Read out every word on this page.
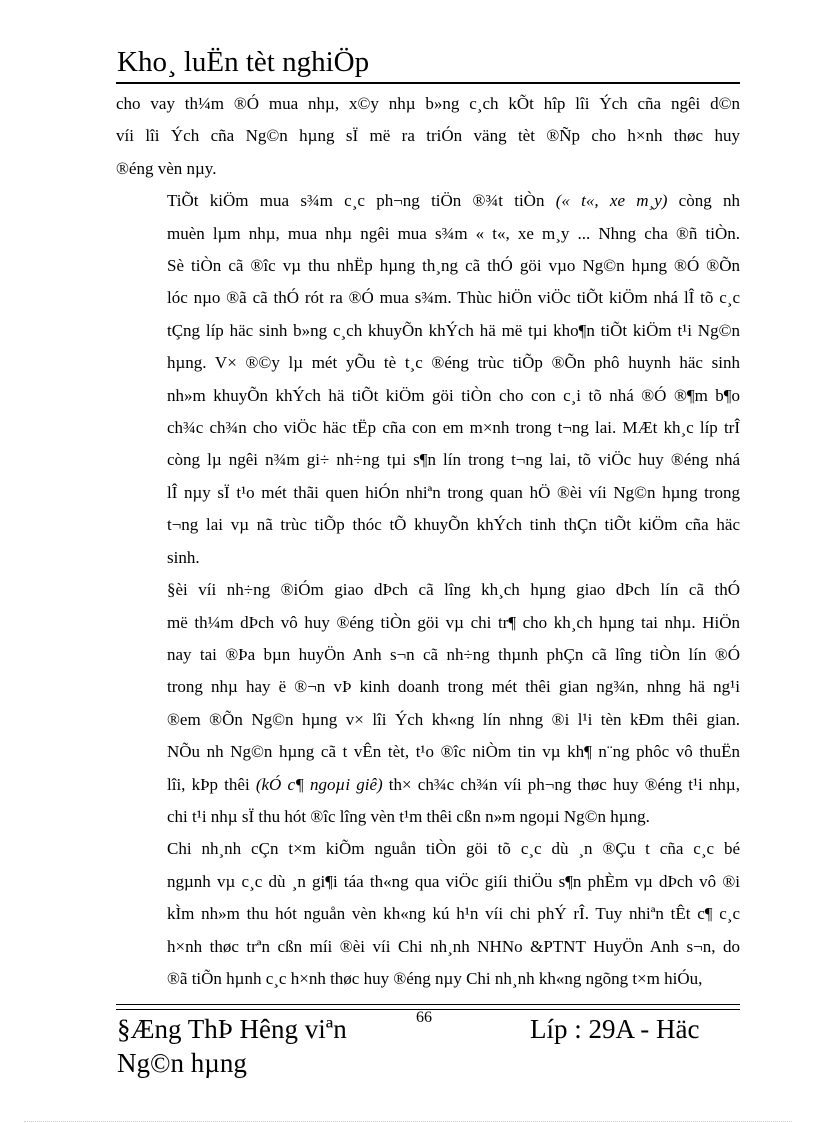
Kho¸ luËn tèt nghiÖp

cho vay th¼m ®Ó mua nhµ, x©y nhµ b»ng c¸ch kÕt hîp lîi Ých cña ngêi d©n
víi lîi Ých cña Ng©n hµng sÏ më ra triÓn väng tèt ®Ñp cho h×nh thøc huy
®éng vèn nµy.

TiÕt kiÖm mua s¾m c¸c ph¬ng tiÖn ®¾t tiÒn (« t«, xe m¸y) còng nh
muèn lµm nhµ, mua nhµ ngêi mua s¾m « t«, xe m¸y ... Nhng cha ®ñ tiÒn.
Sè tiÒn cã ®îc vµ thu nhËp hµng th¸ng cã thÓ göi vµo Ng©n hµng ®Ó ®Õn
lóc nµo ®ã cã thÓ rót ra ®Ó mua s¾m. Thùc hiÖn viÖc tiÕt kiÖm nhá lÎ tõ c¸c
tÇng líp häc sinh b»ng c¸ch khuyÕn khÝch hä më tµi kho¶n tiÕt kiÖm t¹i Ng©n
hµng. V× ®©y lµ mét yÕu tè t¸c ®éng trùc tiÕp ®Õn phô huynh häc sinh
nh»m khuyÕn khÝch hä tiÕt kiÖm göi tiÒn cho con c¸i tõ nhá ®Ó ®¶m b¶o
ch¾c ch¾n cho viÖc häc tËp cña con em m×nh trong t¬ng lai. MÆt kh¸c líp trÎ
còng lµ ngêi n¾m gi÷ nh÷ng tµi s¶n lín trong t¬ng lai, tõ viÖc huy ®éng nhá
lÎ nµy sÏ t¹o mét thãi quen hiÓn nhiªn trong quan hÖ ®èi víi Ng©n hµng trong
t¬ng lai vµ nã trùc tiÕp thóc tÕ khuyÕn khÝch tinh thÇn tiÕt kiÖm cña häc
sinh.

§èi víi nh÷ng ®iÓm giao dÞch cã lîng kh¸ch hµng giao dÞch lín cã thÓ
më th¼m dÞch vô huy ®éng tiÒn göi vµ chi tr¶ cho kh¸ch hµng tai nhµ. HiÖn
nay tai ®Þa bµn huyÖn Anh s¬n cã nh÷ng thµnh phÇn cã lîng tiÒn lín ®Ó
trong nhµ hay ë ®¬n vÞ kinh doanh trong mét thêi gian ng¾n, nhng hä ng¹i
®em ®Õn Ng©n hµng v× lîi Ých kh«ng lín nhng ®i l¹i tèn kÐm thêi gian.
NÕu nh Ng©n hµng cã t vÊn tèt, t¹o ®îc niÒm tin vµ kh¶ n¨ng phôc vô thuËn
lîi, kÞp thêi (kÓ c¶ ngoµi giê) th× ch¾c ch¾n víi ph¬ng thøc huy ®éng t¹i nhµ,
chi t¹i nhµ sÏ thu hót ®îc lîng vèn t¹m thêi cßn n»m ngoµi Ng©n hµng.

Chi nh¸nh cÇn t×m kiÕm nguån tiÒn göi tõ c¸c dù ¸n ®Çu t cña c¸c bé
ngµnh vµ c¸c dù ¸n gi¶i táa th«ng qua viÖc giíi thiÖu s¶n phÈm vµ dÞch vô ®i
kÌm nh»m thu hót nguån vèn kh«ng kú h¹n víi chi phÝ rÎ. Tuy nhiªn tÊt c¶ c¸c
h×nh thøc trªn cßn míi ®èi víi Chi nh¸nh NHNo &PTNT HuyÖn Anh s¬n, do
®ã tiÕn hµnh c¸c h×nh thøc huy ®éng nµy Chi nh¸nh kh«ng ngõng t×m hiÓu,

§Æng ThÞ Hêng viªn Ng©n hµng
66	Líp : 29A - Häc
